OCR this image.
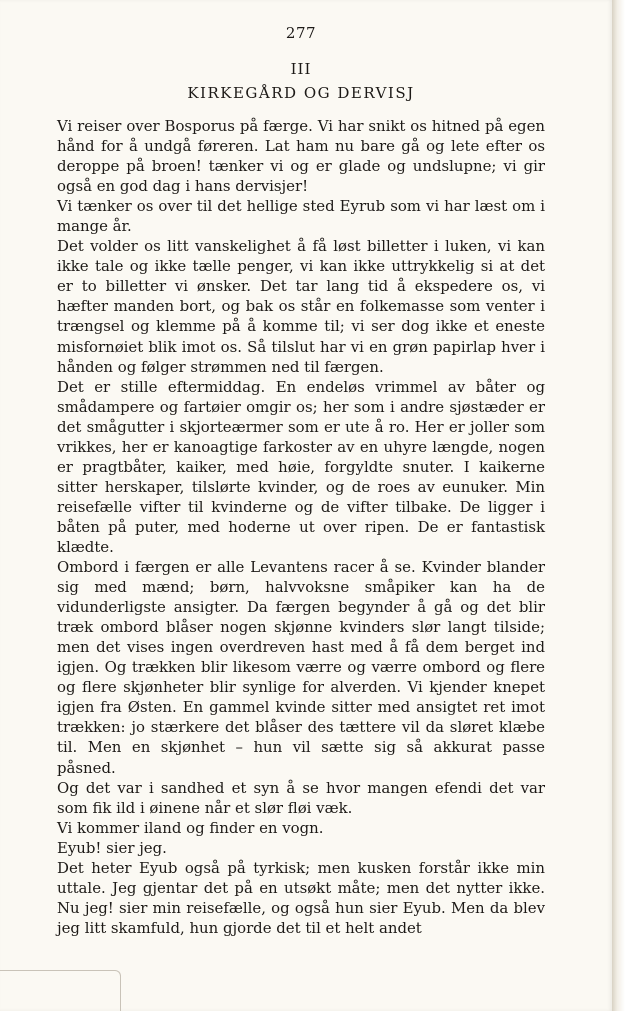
277
III
KIRKEGÅRD OG DERVISJ

Vi reiser over Bosporus på færge. Vi har snikt os hitned på egen hånd for å undgå føreren. Lat ham nu bare gå og lete efter os deroppe på broen! tænker vi og er glade og undslupne; vi gir også en god dag i hans dervisjer!

Vi tænker os over til det hellige sted Eyrub som vi har læst om i mange år.

Det volder os litt vanskelighet å få løst billetter i luken, vi kan ikke tale og ikke tælle penger, vi kan ikke uttrykkelig si at det er to billetter vi ønsker. Det tar lang tid å ekspedere os, vi hæfter manden bort, og bak os står en folkemasse som venter i trængsel og klemme på å komme til; vi ser dog ikke et eneste misfornøiet blik imot os. Så tilslut har vi en grøn papirlap hver i hånden og følger strømmen ned til færgen.

Det er stille eftermiddag. En endeløs vrimmel av båter og smådampere og fartøier omgir os; her som i andre sjøstæder er det smågutter i skjorteærmer som er ute å ro. Her er joller som vrikkes, her er kanoagtige farkoster av en uhyre længde, nogen er pragtbåter, kaiker, med høie, forgyldte snuter. I kaikerne sitter herskaper, tilslørte kvinder, og de roes av eunuker. Min reisefælle vifter til kvinderne og de vifter tilbake. De ligger i båten på puter, med hoderne ut over ripen. De er fantastisk klædte.

Ombord i færgen er alle Levantens racer å se. Kvinder blander sig med mænd; børn, halvvoksne småpiker kan ha de vidunderligste ansigter. Da færgen begynder å gå og det blir træk ombord blåser nogen skjønne kvinders slør langt tilside; men det vises ingen overdreven hast med å få dem berget ind igjen. Og trækken blir likesom værre og værre ombord og flere og flere skjønheter blir synlige for alverden. Vi kjender knepet igjen fra Østen. En gammel kvinde sitter med ansigtet ret imot trækken: jo stærkere det blåser des tættere vil da sløret klæbe til. Men en skjønhet – hun vil sætte sig så akkurat passe påsned.

Og det var i sandhed et syn å se hvor mangen efendi det var som fik ild i øinene når et slør fløi væk.

Vi kommer iland og finder en vogn.

Eyub! sier jeg.

Det heter Eyub også på tyrkisk; men kusken forstår ikke min uttale. Jeg gjentar det på en utsøkt måte; men det nytter ikke. Nu jeg! sier min reisefælle, og også hun sier Eyub. Men da blev jeg litt skamfuld, hun gjorde det til et helt andet
